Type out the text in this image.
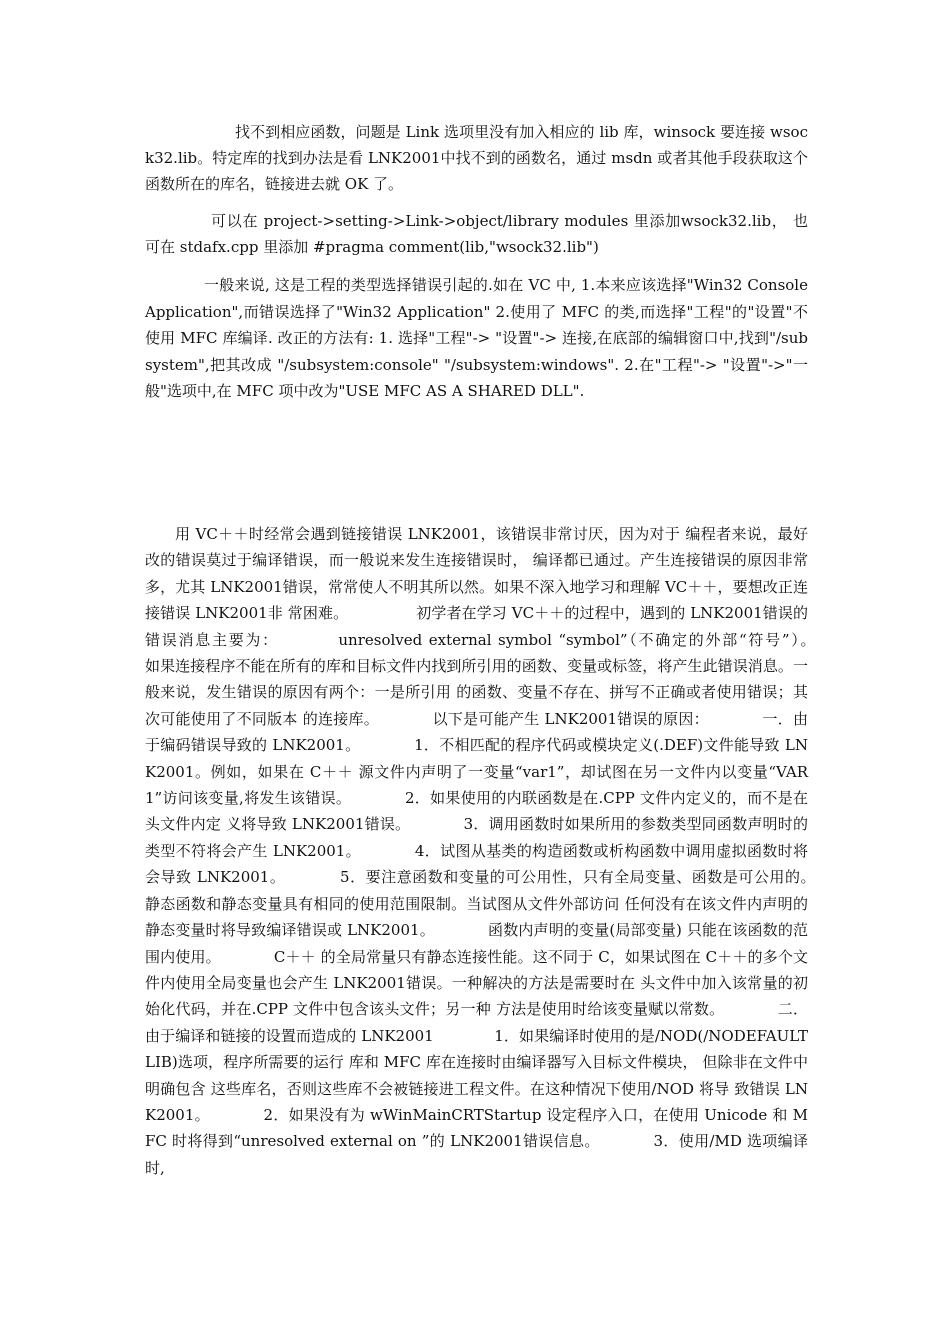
找不到相应函数，问题是 Link 选项里没有加入相应的 lib 库，winsock 要连接 wsock32.lib。特定库的找到办法是看 LNK2001中找不到的函数名，通过 msdn 或者其他手段获取这个函数所在的库名，链接进去就 OK 了。

可以在 project->setting->Link->object/library modules 里添加wsock32.lib， 也可在 stdafx.cpp 里添加 #pragma comment(lib,"wsock32.lib")

一般来说, 这是工程的类型选择错误引起的.如在 VC 中, 1.本来应该选择"Win32 Console Application",而错误选择了"Win32 Application" 2.使用了 MFC 的类,而选择"工程"的"设置"不使用 MFC 库编译. 改正的方法有: 1. 选择"工程"-> "设置"-> 连接,在底部的编辑窗口中,找到"/subsystem",把其改成 "/subsystem:console" "/subsystem:windows". 2.在"工程"-> "设置"->"一般"选项中,在 MFC 项中改为"USE MFC AS A SHARED DLL".

用 VC＋＋时经常会遇到链接错误 LNK2001，该错误非常讨厌，因为对于 编程者来说，最好改的错误莫过于编译错误，而一般说来发生连接错误时， 编译都已通过。产生连接错误的原因非常多，尤其 LNK2001错误，常常使人不明其所以然。如果不深入地学习和理解 VC＋＋，要想改正连接错误 LNK2001非 常困难。　　　　　初学者在学习 VC＋＋的过程中，遇到的 LNK2001错误的错误消息主要为：　　　　unresolved external symbol “symbol”（不确定的外部“符号”）。　　　　如果连接程序不能在所有的库和目标文件内找到所引用的函数、变量或标签，将产生此错误消息。一般来说，发生错误的原因有两个：一是所引用 的函数、变量不存在、拼写不正确或者使用错误；其次可能使用了不同版本 的连接库。　　　　以下是可能产生 LNK2001错误的原因：　　　　一．由于编码错误导致的 LNK2001。　　　　1．不相匹配的程序代码或模块定义(.DEF)文件能导致 LNK2001。例如，如果在 C＋＋ 源文件内声明了一变量“var1”，却试图在另一文件内以变量“VAR1”访问该变量,将发生该错误。　　　　2．如果使用的内联函数是在.CPP 文件内定义的，而不是在头文件内定 义将导致 LNK2001错误。　　　　3．调用函数时如果所用的参数类型同函数声明时的类型不符将会产生 LNK2001。　　　　4．试图从基类的构造函数或析构函数中调用虚拟函数时将会导致 LNK2001。　　　　5．要注意函数和变量的可公用性，只有全局变量、函数是可公用的。　　　　静态函数和静态变量具有相同的使用范围限制。当试图从文件外部访问 任何没有在该文件内声明的静态变量时将导致编译错误或 LNK2001。　　　　函数内声明的变量(局部变量) 只能在该函数的范围内使用。　　　　C＋＋ 的全局常量只有静态连接性能。这不同于 C，如果试图在 C＋＋的多个文件内使用全局变量也会产生 LNK2001错误。一种解决的方法是需要时在 头文件中加入该常量的初始化代码，并在.CPP 文件中包含该头文件；另一种 方法是使用时给该变量赋以常数。　　　　二．由于编译和链接的设置而造成的 LNK2001　　　　1．如果编译时使用的是/NOD(/NODEFAULTLIB)选项，程序所需要的运行 库和 MFC 库在连接时由编译器写入目标文件模块， 但除非在文件中明确包含 这些库名，否则这些库不会被链接进工程文件。在这种情况下使用/NOD 将导 致错误 LNK2001。　　　　2．如果没有为 wWinMainCRTStartup 设定程序入口，在使用 Unicode 和 MFC 时将得到“unresolved external on ”的 LNK2001错误信息。　　　　3．使用/MD 选项编译时,
